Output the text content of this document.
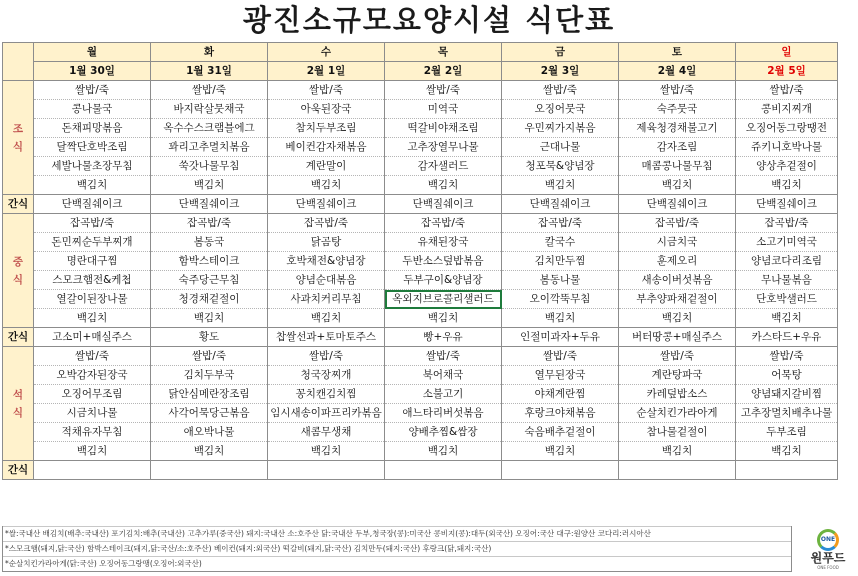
광진소규모요양시설 식단표
	월	화	수	목	금	토	일
	1월 30일	1월 31일	2월 1일	2월 2일	2월 3일	2월 4일	2월 5일
조
식	쌀밥/죽	쌀밥/죽	쌀밥/죽	쌀밥/죽	쌀밥/죽	쌀밥/죽	쌀밥/죽
	콩나물국	바지락살뭇채국	아욱된장국	미역국	오징어뭇국	숙주뭇국	콩비지찌개
	돈채피망볶음	옥수수스크램블에그	참치두부조림	떡갈비야채조림	우민찌가지볶음	제육청경채불고기	오징어동그랑땡전
	달짝단호박조림	꽈리고추멸치볶음	베이컨감자채볶음	고추장열무나물	근대나물	감자조림	쥬키니호박나물
	세발나물초장무침	쑥갓나물무침	계란말이	감자샐러드	청포묵&양념장	매콤콩나물무침	양상추겉절이
	백김치	백김치	백김치	백김치	백김치	백김치	백김치
간식	단백질쉐이크	단백질쉐이크	단백질쉐이크	단백질쉐이크	단백질쉐이크	단백질쉐이크	단백질쉐이크
중
식	잡곡밥/죽	잡곡밥/죽	잡곡밥/죽	잡곡밥/죽	잡곡밥/죽	잡곡밥/죽	잡곡밥/죽
	돈민찌순두부찌개	봄동국	닭곰탕	유채된장국	칼국수	시금치국	소고기미역국
	명란대구찜	함박스테이크	호박채전&양념장	두반소스덮밥볶음	김치만두찜	훈제오리	양념코다리조림
	스모크햄전&케첩	숙주당근무침	양념순대볶음	두부구이&양념장	봄동나물	새송이버섯볶음	무나물볶음
	열갈이된장나물	청경채겉절이	사과치커리무침	옥외지브로콜리샐러드	오이깍뚝무침	부추양파채겉절이	단호박샐러드
	백김치	백김치	백김치	백김치	백김치	백김치	백김치
간식	고소미+매실주스	황도	찹쌀선과+토마토주스	빵+우유	인절미과자+두유	버터땅콩+매실주스	카스타드+우유
석
식	쌀밥/죽	쌀밥/죽	쌀밥/죽	쌀밥/죽	쌀밥/죽	쌀밥/죽	쌀밥/죽
	오박감자된장국	김치두부국	청국장찌개	북어채국	열무된장국	계란탕파국	어묵탕
	오징어무조림	닭안심메란장조림	꽁치캔김치찜	소불고기	야채계란찜	카레덮밥소스	양념돼지갈비찜
	시금치나물	사각어묵당근볶음	임시새송이파프리카볶음	애느타리버섯볶음	후랑크야채볶음	순살치킨가라아게	고추장멸치배추나물
	적채유자무침	애오박나물	새콤무생채	양배추찜&쌈장	숙음배추겉절이	참나물겉절이	두부조림
	백김치	백김치	백김치	백김치	백김치	백김치	백김치
간식							
*쌀:국내산 배김치(배추:국내산) 포기김치:배추(국내산) 고추가루(중국산) 돼지:국내산 소:호주산 닭:국내산 두부,청국장(콩):미국산 콩비지(콩):대두(외국산) 오징어:국산 대구:원양산 코다리:러시아산
*스모크햄(돼지,닭:국산) 함박스테이크(돼지,닭:국산/소:호주산) 베이컨(돼지:외국산) 떡갈비(돼지,닭:국산) 김치만두(돼지:국산) 후랑크(닭,돼지:국산)
*순살치킨가라아게(닭:국산) 오징어동그랑땡(오징어:외국산)
ONE
원푸드
ONE FOOD
